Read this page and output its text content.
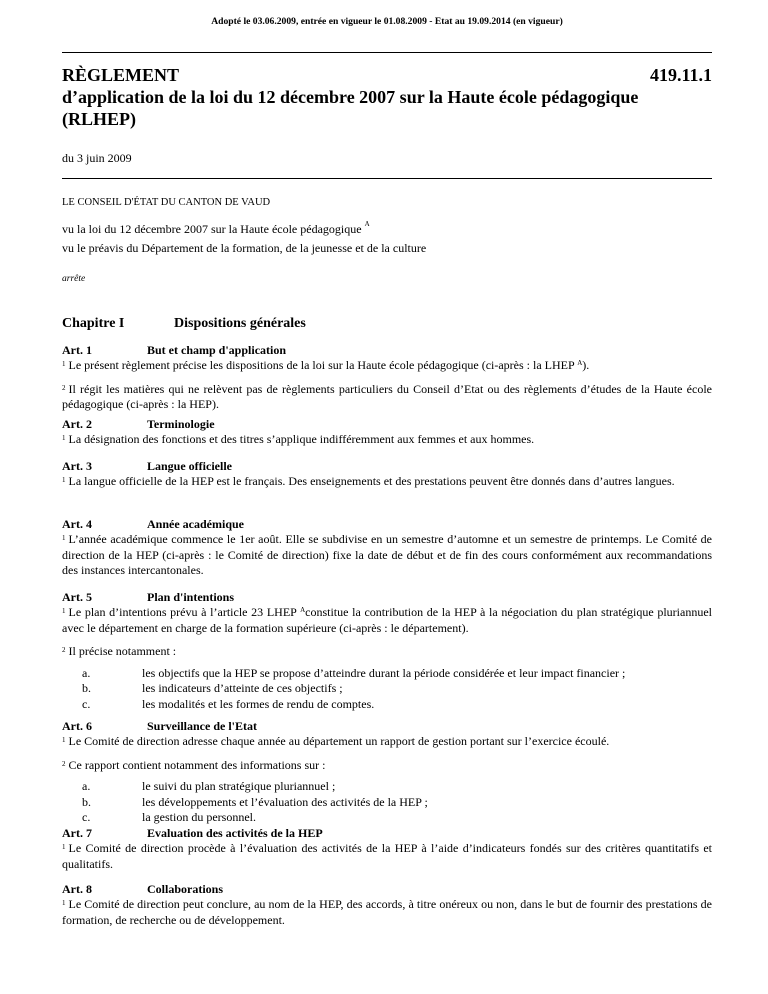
Adopté le 03.06.2009, entrée en vigueur le 01.08.2009 - Etat au 19.09.2014 (en vigueur)
RÈGLEMENT
d’application de la loi du 12 décembre 2007 sur la Haute école pédagogique
(RLHEP)
419.11.1
du 3 juin 2009
LE CONSEIL D'ÉTAT DU CANTON DE VAUD
vu la loi du 12 décembre 2007 sur la Haute école pédagogique $^A$
vu le préavis du Département de la formation, de la jeunesse et de la culture
arrête
Chapitre I	Dispositions générales
Art. 1	But et champ d'application
$^1$ Le présent règlement précise les dispositions de la loi sur la Haute école pédagogique (ci-après : la LHEP $^A$).
$^2$ Il régit les matières qui ne relèvent pas de règlements particuliers du Conseil d’Etat ou des règlements d’études de la Haute école pédagogique (ci-après : la HEP).
Art. 2	Terminologie
$^1$ La désignation des fonctions et des titres s’applique indifféremment aux femmes et aux hommes.
Art. 3	Langue officielle
$^1$ La langue officielle de la HEP est le français. Des enseignements et des prestations peuvent être donnés dans d’autres langues.
Art. 4	Année académique
$^1$ L’année académique commence le 1er août. Elle se subdivise en un semestre d’automne et un semestre de printemps. Le Comité de direction de la HEP (ci-après : le Comité de direction) fixe la date de début et de fin des cours conformément aux recommandations des instances intercantonales.
Art. 5	Plan d'intentions
$^1$ Le plan d’intentions prévu à l’article 23 LHEP $^A$constitue la contribution de la HEP à la négociation du plan stratégique pluriannuel avec le département en charge de la formation supérieure (ci-après : le département).
$^2$ Il précise notamment :
a.	les objectifs que la HEP se propose d’atteindre durant la période considérée et leur impact financier ;
b.	les indicateurs d’atteinte de ces objectifs ;
c.	les modalités et les formes de rendu de comptes.
Art. 6	Surveillance de l'Etat
$^1$ Le Comité de direction adresse chaque année au département un rapport de gestion portant sur l’exercice écoulé.
$^2$ Ce rapport contient notamment des informations sur :
a.	le suivi du plan stratégique pluriannuel ;
b.	les développements et l’évaluation des activités de la HEP ;
c.	la gestion du personnel.
Art. 7	Evaluation des activités de la HEP
$^1$ Le Comité de direction procède à l’évaluation des activités de la HEP à l’aide d’indicateurs fondés sur des critères quantitatifs et qualitatifs.
Art. 8	Collaborations
$^1$ Le Comité de direction peut conclure, au nom de la HEP, des accords, à titre onéreux ou non, dans le but de fournir des prestations de formation, de recherche ou de développement.
